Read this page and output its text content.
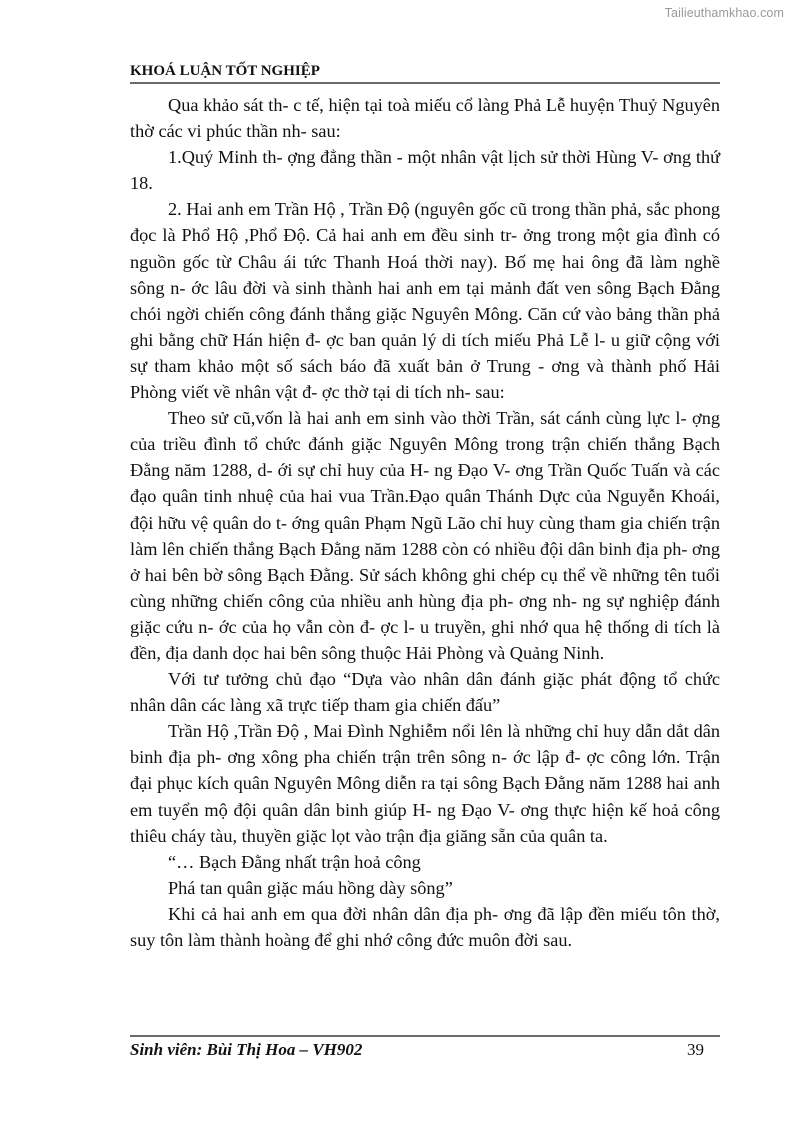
Tailieuthamkhao.com
KHOÁ LUẬN TỐT NGHIỆP

Qua khảo sát th- c tế, hiện tại toà miếu cổ làng Phả Lễ huyện Thuỷ Nguyên thờ các vi phúc thần nh- sau:

1.Quý Minh th- ợng đẳng thần - một nhân vật lịch sử thời Hùng V- ơng thứ 18.

2. Hai anh em Trần Hộ , Trần Độ (nguyên gốc cũ trong thần phả, sắc phong đọc là Phổ Hộ ,Phổ Độ. Cả hai anh em đều sinh tr- ởng trong một gia đình có nguồn gốc từ Châu ái tức Thanh Hoá thời nay). Bố mẹ hai ông đã làm nghề sông n- ớc lâu đời và sinh thành hai anh em tại mảnh đất ven sông Bạch Đằng chói ngời chiến công đánh thắng giặc Nguyên Mông. Căn cứ vào bảng thần phả ghi bằng chữ Hán hiện đ- ợc ban quản lý di tích miếu Phả Lễ l- u giữ cộng với sự tham khảo một số sách báo đã xuất bản ở Trung - ơng và thành phố Hải Phòng viết về nhân vật đ- ợc thờ tại di tích nh- sau:

Theo sử cũ,vốn là hai anh em sinh vào thời Trần, sát cánh cùng lực l- ợng của triều đình tổ chức đánh giặc Nguyên Mông trong trận chiến thắng Bạch Đằng năm 1288, d- ới sự chỉ huy của H- ng Đạo V- ơng Trần Quốc Tuấn và các đạo quân tinh nhuệ của hai vua Trần.Đạo quân Thánh Dực của Nguyễn Khoái, đội hữu vệ quân do t- ớng quân Phạm Ngũ Lão chỉ huy cùng tham gia chiến trận làm lên chiến thắng Bạch Đằng năm 1288 còn có nhiều đội dân binh địa ph- ơng ở hai bên bờ sông Bạch Đằng. Sử sách không ghi chép cụ thể về những tên tuổi cùng những chiến công của nhiều anh hùng địa ph- ơng nh- ng sự nghiệp đánh giặc cứu n- ớc của họ vẫn còn đ- ợc l- u truyền, ghi nhớ qua hệ thống di tích là đền, địa danh dọc hai bên sông thuộc Hải Phòng và Quảng Ninh.

Với tư tưởng chủ đạo “Dựa vào nhân dân đánh giặc phát động tổ chức nhân dân các làng xã trực tiếp tham gia chiến đấu”

Trần Hộ ,Trần Độ , Mai Đình Nghiễm nổi lên là những chỉ huy dẫn dắt dân binh địa ph- ơng xông pha chiến trận trên sông n- ớc lập đ- ợc công lớn. Trận đại phục kích quân Nguyên Mông diễn ra tại sông Bạch Đằng năm 1288 hai anh em tuyển mộ đội quân dân binh giúp H- ng Đạo V- ơng thực hiện kế hoả công thiêu cháy tàu, thuyền giặc lọt vào trận địa giăng sẵn của quân ta.

“… Bạch Đằng nhất trận hoả công

Phá tan quân giặc máu hồng dày sông”

Khi cả hai anh em qua đời nhân dân địa ph- ơng đã lập đền miếu tôn thờ, suy tôn làm thành hoàng để ghi nhớ công đức muôn đời sau.

Sinh viên: Bùi Thị Hoa – VH902	39
